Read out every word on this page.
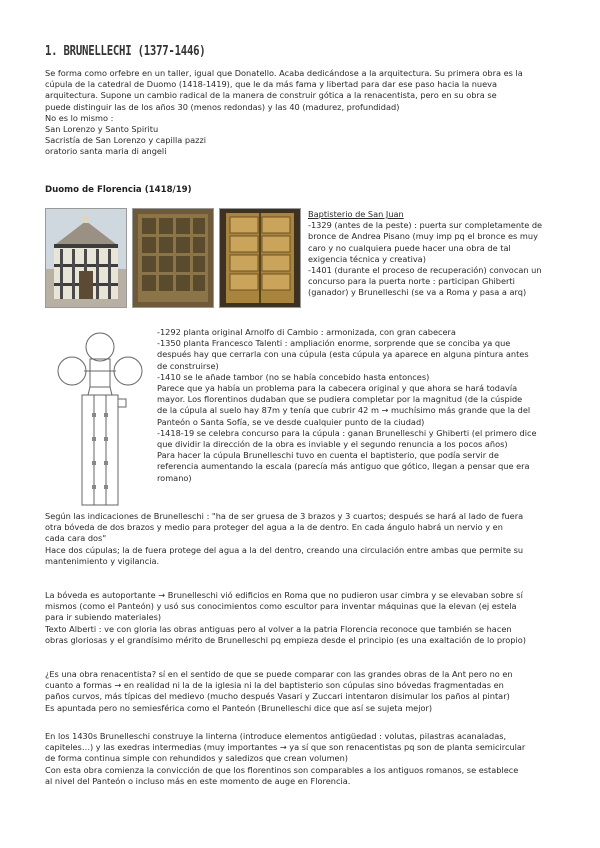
1. BRUNELLECHI (1377-1446)

Se forma como orfebre en un taller, igual que Donatello. Acaba dedicándose a la arquitectura. Su primera obra es la

cúpula de la catedral de Duomo (1418-1419), que le da más fama y libertad para dar ese paso hacia la nueva

arquitectura. Supone un cambio radical de la manera de construir gótica a la renacentista, pero en su obra se

puede distinguir las de los años 30 (menos redondas) y las 40 (madurez, profundidad)

No es lo mismo :

San Lorenzo y Santo Spiritu

Sacristía de San Lorenzo y capilla pazzi

oratorio santa maria di angeli

Duomo de Florencia (1418/19)

Baptisterio de San Juan

-1329 (antes de la peste) : puerta sur completamente de

bronce de Andrea Pisano (muy imp pq el bronce es muy

caro y no cualquiera puede hacer una obra de tal

exigencia técnica y creativa)

-1401 (durante el proceso de recuperación) convocan un

concurso para la puerta norte : participan Ghiberti

(ganador) y Brunelleschi (se va a Roma y pasa a arq)

-1292 planta original Arnolfo di Cambio : armonizada, con gran cabecera

-1350 planta Francesco Talenti : ampliación enorme, sorprende que se conciba ya que

después hay que cerrarla con una cúpula (esta cúpula ya aparece en alguna pintura antes

de construirse)

-1410 se le añade tambor (no se había concebido hasta entonces)

Parece que ya había un problema para la cabecera original y que ahora se hará todavía

mayor. Los florentinos dudaban que se pudiera completar por la magnitud (de la cúspide

de la cúpula al suelo hay 87m y tenía que cubrir 42 m → muchísimo más grande que la del

Panteón o Santa Sofía, se ve desde cualquier punto de la ciudad)

-1418-19 se celebra concurso para la cúpula : ganan Brunelleschi y Ghiberti (el primero dice

que dividir la dirección de la obra es inviable y el segundo renuncia a los pocos años)

Para hacer la cúpula Brunelleschi tuvo en cuenta el baptisterio, que podía servir de

referencia aumentando la escala (parecía más antiguo que gótico, llegan a pensar que era

romano)

Según las indicaciones de Brunelleschi : "ha de ser gruesa de 3 brazos y 3 cuartos; después se hará al lado de fuera

otra bóveda de dos brazos y medio para proteger del agua a la de dentro. En cada ángulo habrá un nervio y en

cada cara dos"

Hace dos cúpulas; la de fuera protege del agua a la del dentro, creando una circulación entre ambas que permite su

mantenimiento y vigilancia.

La bóveda es autoportante → Brunelleschi vió edificios en Roma que no pudieron usar cimbra y se elevaban sobre sí

mismos (como el Panteón) y usó sus conocimientos como escultor para inventar máquinas que la elevan (ej estela

para ir subiendo materiales)

Texto Alberti : ve con gloria las obras antiguas pero al volver a la patria Florencia reconoce que también se hacen

obras gloriosas y el grandísimo mérito de Brunelleschi pq empieza desde el principio (es una exaltación de lo propio)

¿Es una obra renacentista? sí en el sentido de que se puede comparar con las grandes obras de la Ant pero no en

cuanto a formas → en realidad ni la de la iglesia ni la del baptisterio son cúpulas sino bóvedas fragmentadas en

paños curvos, más típicas del medievo (mucho después Vasari y Zuccari intentaron disimular los paños al pintar)

Es apuntada pero no semiesférica como el Panteón (Brunelleschi dice que así se sujeta mejor)

En los 1430s Brunelleschi construye la linterna (introduce elementos antigüedad : volutas, pilastras acanaladas,

capiteles…) y las exedras intermedias (muy importantes → ya sí que son renacentistas pq son de planta semicircular

de forma continua simple con rehundidos y saledizos que crean volumen)

Con esta obra comienza la convicción de que los florentinos son comparables a los antiguos romanos, se establece

al nivel del Panteón o incluso más en este momento de auge en Florencia.
